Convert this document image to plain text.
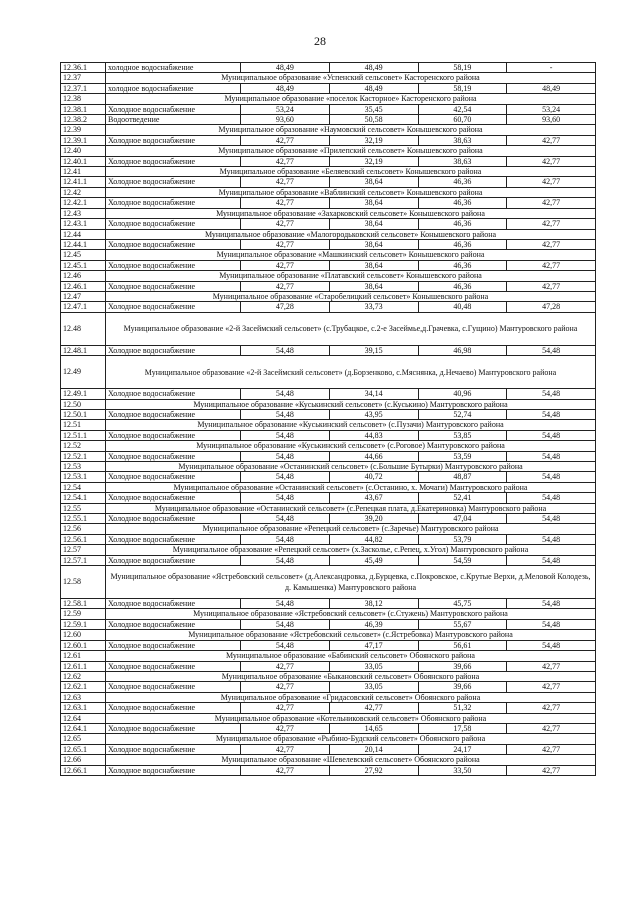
28
12.36.1	холодное водоснабжение	48,49	48,49	58,19	-
12.37	Муниципальное образование «Успенский сельсовет» Касторенского района				
12.37.1	холодное водоснабжение	48,49	48,49	58,19	48,49
12.38	Муниципальное образование «поселок Касторное» Касторенского района				
12.38.1	Холодное водоснабжение	53,24	35,45	42,54	53,24
12.38.2	Водоотведение	93,60	50,58	60,70	93,60
12.39	Муниципальное образование «Наумовский сельсовет» Конышевского района				
12.39.1	Холодное водоснабжение	42,77	32,19	38,63	42,77
12.40	Муниципальное образование «Прилепский сельсовет» Конышевского района				
12.40.1	Холодное водоснабжение	42,77	32,19	38,63	42,77
12.41	Муниципальное образование «Беляевский сельсовет» Конышевского района				
12.41.1	Холодное водоснабжение	42,77	38,64	46,36	42,77
12.42	Муниципальное образование «Ваблинский сельсовет» Конышевского района				
12.42.1	Холодное водоснабжение	42,77	38,64	46,36	42,77
12.43	Муниципальное образование «Захарковский сельсовет» Конышевского района				
12.43.1	Холодное водоснабжение	42,77	38,64	46,36	42,77
12.44	Муниципальное образование «Малогородьковский сельсовет» Конышевского района				
12.44.1	Холодное водоснабжение	42,77	38,64	46,36	42,77
12.45	Муниципальное образование «Машкинский сельсовет» Конышевского района				
12.45.1	Холодное водоснабжение	42,77	38,64	46,36	42,77
12.46	Муниципальное образование «Платавский сельсовет» Конышевского района				
12.46.1	Холодное водоснабжение	42,77	38,64	46,36	42,77
12.47	Муниципальное образование «Старобелицкий сельсовет» Конышевского района				
12.47.1	Холодное водоснабжение	47,28	33,73	40,48	47,28
12.48	Муниципальное образование «2-й Засеймский сельсовет» (с.Трубацкое, с.2-е Засеймье,д.Грачевка, с.Гущино) Мантуровского района				
12.48.1	Холодное водоснабжение	54,48	39,15	46,98	54,48
12.49	Муниципальное образование «2-й Засеймский сельсовет» (д.Борзенково, с.Мяснянка, д.Нечаево) Мантуровского района				
12.49.1	Холодное водоснабжение	54,48	34,14	40,96	54,48
12.50	Муниципальное образование «Куськинский сельсовет» (с.Куськино) Мантуровского района				
12.50.1	Холодное водоснабжение	54,48	43,95	52,74	54,48
12.51	Муниципальное образование «Куськинский сельсовет» (с.Пузачи) Мантуровского района				
12.51.1	Холодное водоснабжение	54,48	44,83	53,85	54,48
12.52	Муниципальное образование «Куськинский сельсовет» (с.Роговое) Мантуровского района				
12.52.1	Холодное водоснабжение	54,48	44,66	53,59	54,48
12.53	Муниципальное образование «Останинский сельсовет» (с.Большие Бутырки) Мантуровского района				
12.53.1	Холодное водоснабжение	54,48	40,72	48,87	54,48
12.54	Муниципальное образование «Останинский сельсовет» (с.Останино, х. Мочаги) Мантуровского района				
12.54.1	Холодное водоснабжение	54,48	43,67	52,41	54,48
12.55	Муниципальное образование «Останинский сельсовет» (с.Репецкая плата, д.Екатериновка) Мантуровского района				
12.55.1	Холодное водоснабжение	54,48	39,20	47,04	54,48
12.56	Муниципальное образование «Репецкий сельсовет» (с.Заречье) Мантуровского района				
12.56.1	Холодное водоснабжение	54,48	44,82	53,79	54,48
12.57	Муниципальное образование «Репецкий сельсовет» (х.Засколье, с.Репец, х.Угол) Мантуровского района				
12.57.1	Холодное водоснабжение	54,48	45,49	54,59	54,48
12.58	Муниципальное образование «Ястребовский сельсовет» (д.Александровка, д.Бурцевка, с.Покровское, с.Крутые Верхи, д.Меловой Колодезь, д. Камышенка) Мантуровского района				
12.58.1	Холодное водоснабжение	54,48	38,12	45,75	54,48
12.59	Муниципальное образование «Ястребовский сельсовет» (с.Стужень) Мантуровского района				
12.59.1	Холодное водоснабжение	54,48	46,39	55,67	54,48
12.60	Муниципальное образование «Ястребовский сельсовет» (с.Ястребовка) Мантуровского района				
12.60.1	Холодное водоснабжение	54,48	47,17	56,61	54,48
12.61	Муниципальное образование «Бабинский сельсовет» Обоянского района				
12.61.1	Холодное водоснабжение	42,77	33,05	39,66	42,77
12.62	Муниципальное образование «Быкановский сельсовет» Обоянского района				
12.62.1	Холодное водоснабжение	42,77	33,05	39,66	42,77
12.63	Муниципальное образование «Гридасовский сельсовет» Обоянского района				
12.63.1	Холодное водоснабжение	42,77	42,77	51,32	42,77
12.64	Муниципальное образование «Котельниковский сельсовет» Обоянского района				
12.64.1	Холодное водоснабжение	42,77	14,65	17,58	42,77
12.65	Муниципальное образование «Рыбино-Будский сельсовет» Обоянского района				
12.65.1	Холодное водоснабжение	42,77	20,14	24,17	42,77
12.66	Муниципальное образование «Шевелевский сельсовет» Обоянского района				
12.66.1	Холодное водоснабжение	42,77	27,92	33,50	42,77
